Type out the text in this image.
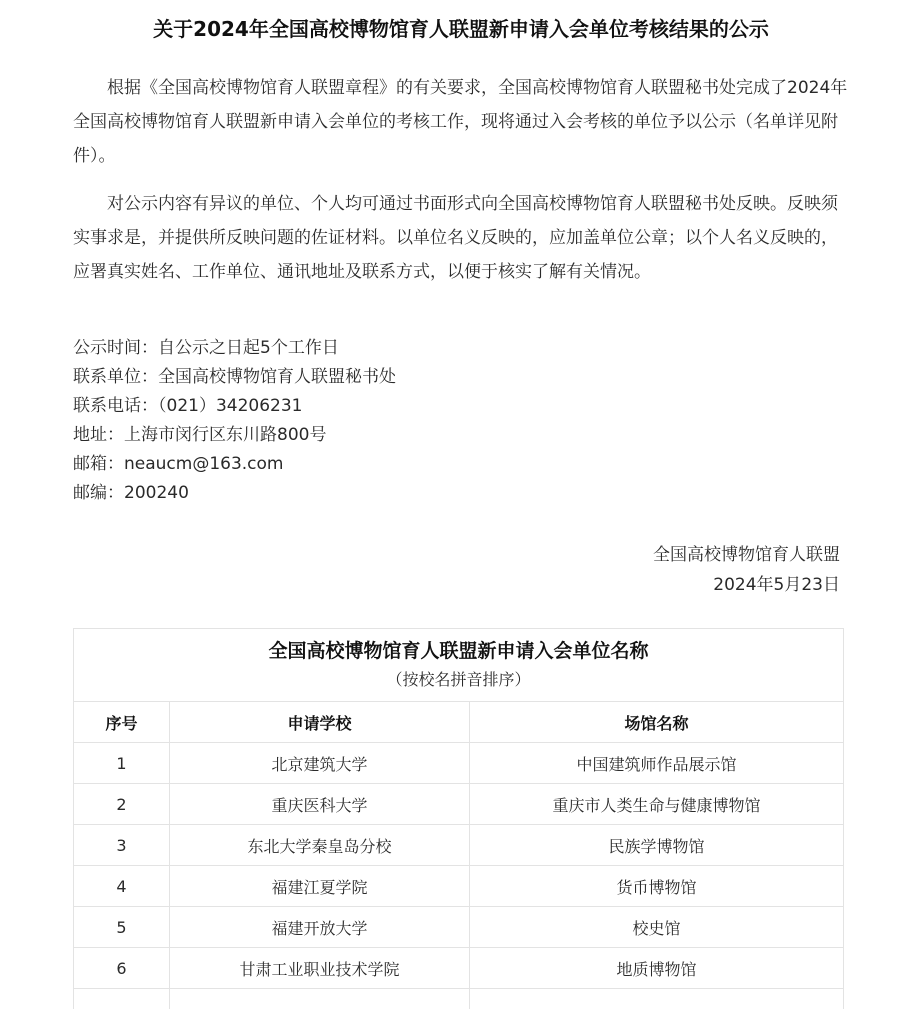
关于2024年全国高校博物馆育人联盟新申请入会单位考核结果的公示

根据《全国高校博物馆育人联盟章程》的有关要求，全国高校博物馆育人联盟秘书处完成了2024年全国高校博物馆育人联盟新申请入会单位的考核工作，现将通过入会考核的单位予以公示（名单详见附件）。

对公示内容有异议的单位、个人均可通过书面形式向全国高校博物馆育人联盟秘书处反映。反映须实事求是，并提供所反映问题的佐证材料。以单位名义反映的，应加盖单位公章；以个人名义反映的，应署真实姓名、工作单位、通讯地址及联系方式，以便于核实了解有关情况。

公示时间：自公示之日起5个工作日
联系单位：全国高校博物馆育人联盟秘书处
联系电话：（021）34206231
地址：上海市闵行区东川路800号
邮箱：neaucm@163.com
邮编：200240
全国高校博物馆育人联盟
2024年5月23日
全国高校博物馆育人联盟新申请入会单位名称
（按校名拼音排序）
序号	申请学校	场馆名称
1	北京建筑大学	中国建筑师作品展示馆
2	重庆医科大学	重庆市人类生命与健康博物馆
3	东北大学秦皇岛分校	民族学博物馆
4	福建江夏学院	货币博物馆
5	福建开放大学	校史馆
6	甘肃工业职业技术学院	地质博物馆
